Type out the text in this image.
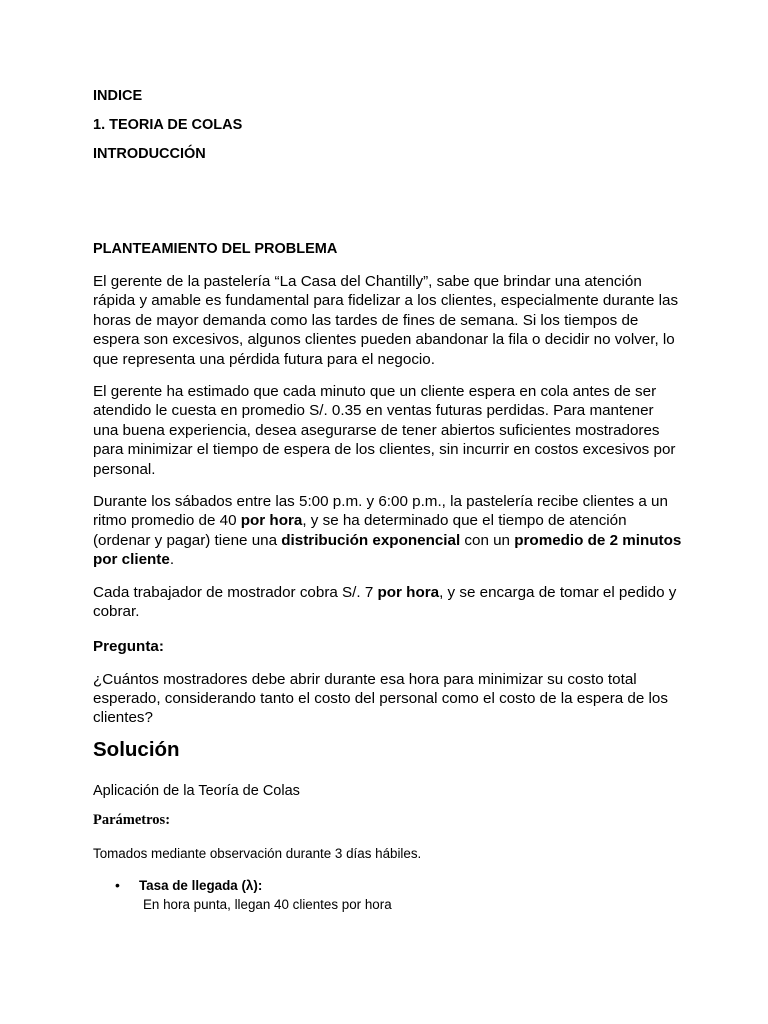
INDICE
1. TEORIA DE COLAS
INTRODUCCIÓN
PLANTEAMIENTO DEL PROBLEMA

El gerente de la pastelería “La Casa del Chantilly”, sabe que brindar una atención rápida y amable es fundamental para fidelizar a los clientes, especialmente durante las horas de mayor demanda como las tardes de fines de semana. Si los tiempos de espera son excesivos, algunos clientes pueden abandonar la fila o decidir no volver, lo que representa una pérdida futura para el negocio.

El gerente ha estimado que cada minuto que un cliente espera en cola antes de ser atendido le cuesta en promedio S/. 0.35 en ventas futuras perdidas. Para mantener una buena experiencia, desea asegurarse de tener abiertos suficientes mostradores para minimizar el tiempo de espera de los clientes, sin incurrir en costos excesivos por personal.

Durante los sábados entre las 5:00 p.m. y 6:00 p.m., la pastelería recibe clientes a un ritmo promedio de 40 por hora, y se ha determinado que el tiempo de atención (ordenar y pagar) tiene una distribución exponencial con un promedio de 2 minutos por cliente.

Cada trabajador de mostrador cobra S/. 7 por hora, y se encarga de tomar el pedido y cobrar.

Pregunta:

¿Cuántos mostradores debe abrir durante esa hora para minimizar su costo total esperado, considerando tanto el costo del personal como el costo de la espera de los clientes?

Solución

Aplicación de la Teoría de Colas

Parámetros:
Tomados mediante observación durante 3 días hábiles.
• Tasa de llegada (λ):
En hora punta, llegan 40 clientes por hora
